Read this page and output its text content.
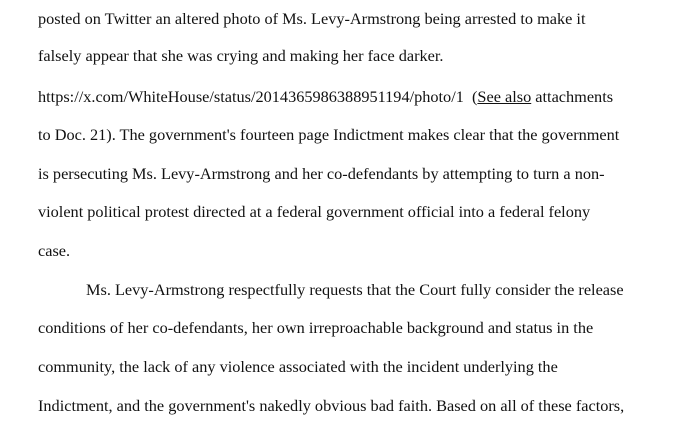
posted on Twitter an altered photo of Ms. Levy-Armstrong being arrested to make it
falsely appear that she was crying and making her face darker.
https://x.com/WhiteHouse/status/2014365986388951194/photo/1  (See also attachments
to Doc. 21). The government's fourteen page Indictment makes clear that the government
is persecuting Ms. Levy-Armstrong and her co-defendants by attempting to turn a non-
violent political protest directed at a federal government official into a federal felony
case.
Ms. Levy-Armstrong respectfully requests that the Court fully consider the release
conditions of her co-defendants, her own irreproachable background and status in the
community, the lack of any violence associated with the incident underlying the
Indictment, and the government's nakedly obvious bad faith. Based on all of these factors,
